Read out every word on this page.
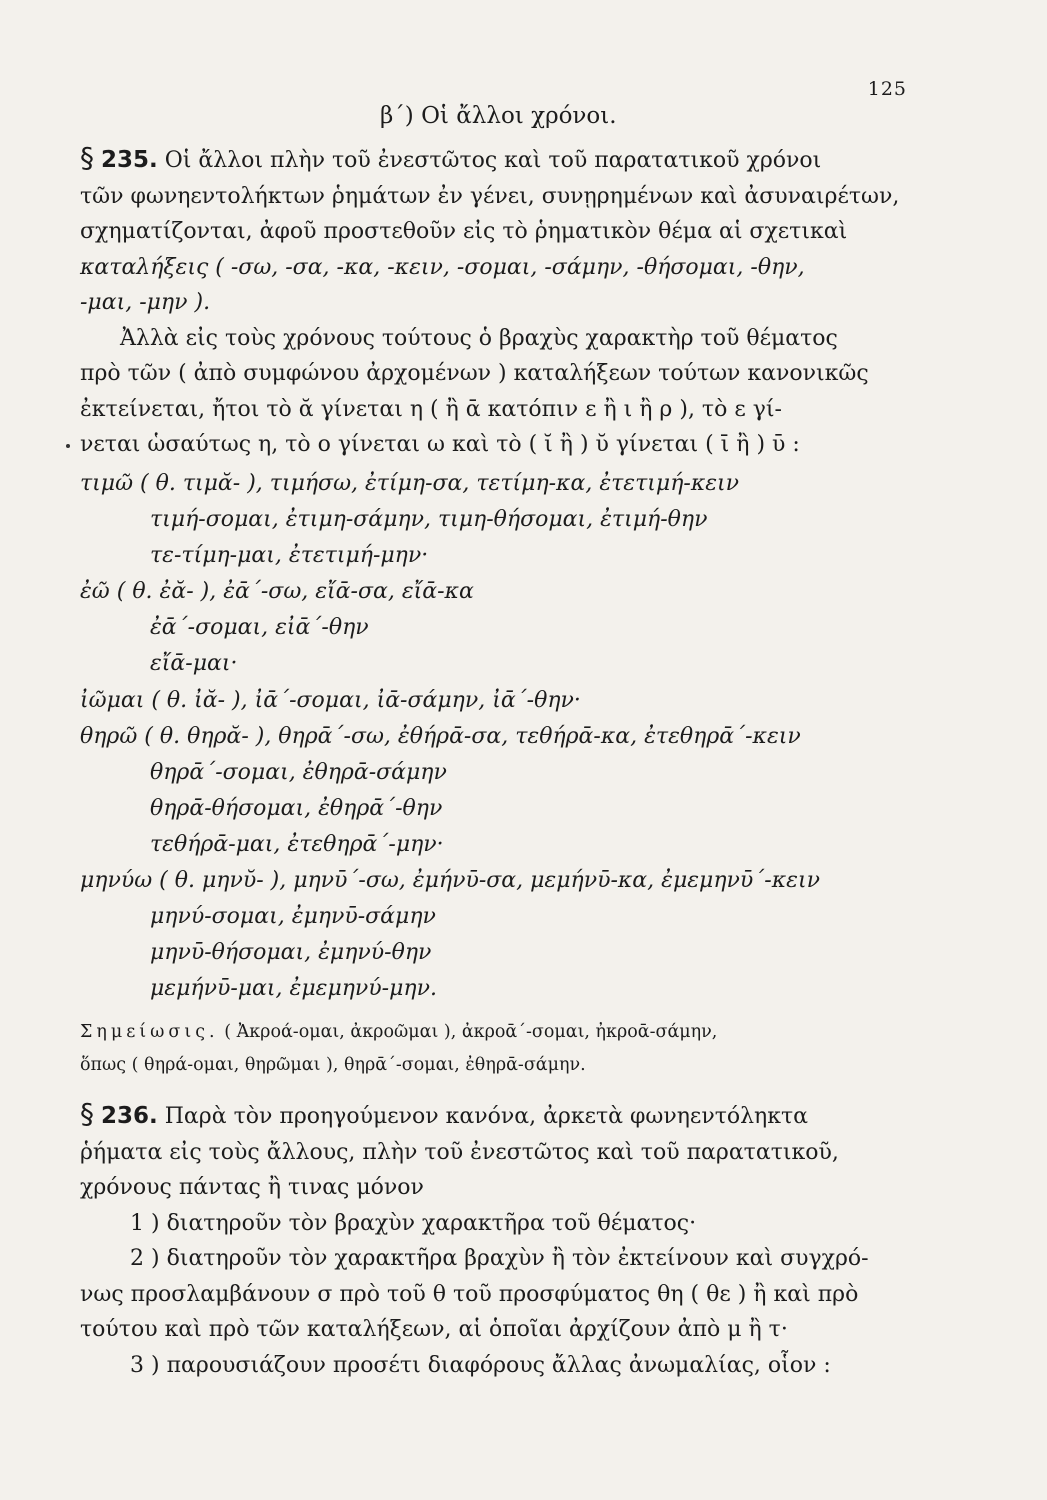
125
β΄) Οἱ ἄλλοι χρόνοι.
§ 235. Οἱ ἄλλοι πλὴν τοῦ ἐνεστῶτος καὶ τοῦ παρατατικοῦ χρόνοι
τῶν φωνηεντολήκτων ῥημάτων ἐν γένει, συνῃρημένων καὶ ἀσυναιρέτων,
σχηματίζονται, ἀφοῦ προστεθοῦν εἰς τὸ ῥηματικὸν θέμα αἱ σχετικαὶ
καταλήξεις ( -σω, -σα, -κα, -κειν, -σομαι, -σάμην, -θήσομαι, -θην,
-μαι, -μην ).
Ἀλλὰ εἰς τοὺς χρόνους τούτους ὁ βραχὺς χαρακτὴρ τοῦ θέματος
πρὸ τῶν ( ἀπὸ συμφώνου ἀρχομένων ) καταλήξεων τούτων κανονικῶς
ἐκτείνεται, ἤτοι τὸ ᾰ γίνεται η ( ἢ ᾱ κατόπιν ε ἢ ι ἢ ρ ), τὸ ε γί-
νεται ὡσαύτως η, τὸ ο γίνεται ω καὶ τὸ ( ῐ ἢ ) ῠ γίνεται ( ῑ ἢ ) ῡ :
τιμῶ ( θ. τιμᾰ- ), τιμήσω, ἐτίμη-σα, τετίμη-κα, ἐτετιμή-κειν
τιμή-σομαι, ἐτιμη-σάμην, τιμη-θήσομαι, ἐτιμή-θην
τε-τίμη-μαι, ἐτετιμή-μην·
ἐῶ ( θ. ἐᾰ- ), ἐᾱ΄-σω, εἴᾱ-σα, εἴᾱ-κα
ἐᾱ΄-σομαι, εἰᾱ΄-θην
εἴᾱ-μαι·
ἰῶμαι ( θ. ἰᾰ- ), ἰᾱ΄-σομαι, ἰᾱ-σάμην, ἰᾱ΄-θην·
θηρῶ ( θ. θηρᾰ- ), θηρᾱ΄-σω, ἐθήρᾱ-σα, τεθήρᾱ-κα, ἐτεθηρᾱ΄-κειν
θηρᾱ΄-σομαι, ἐθηρᾱ-σάμην
θηρᾱ-θήσομαι, ἐθηρᾱ΄-θην
τεθήρᾱ-μαι, ἐτεθηρᾱ΄-μην·
μηνύω ( θ. μηνῠ- ), μηνῡ΄-σω, ἐμήνῡ-σα, μεμήνῡ-κα, ἐμεμηνῡ΄-κειν
μηνύ-σομαι, ἐμηνῡ-σάμην
μηνῡ-θήσομαι, ἐμηνύ-θην
μεμήνῡ-μαι, ἐμεμηνύ-μην.
Σημείωσις. ( Ἀκροά-ομαι, ἀκροῶμαι ), ἀκροᾱ΄-σομαι, ἠκροᾱ-σάμην,
ὅπως ( θηρά-ομαι, θηρῶμαι ), θηρᾱ΄-σομαι, ἐθηρᾱ-σάμην.
§ 236. Παρὰ τὸν προηγούμενον κανόνα, ἀρκετὰ φωνηεντόληκτα
ῥήματα εἰς τοὺς ἄλλους, πλὴν τοῦ ἐνεστῶτος καὶ τοῦ παρατατικοῦ,
χρόνους πάντας ἢ τινας μόνον
1 ) διατηροῦν τὸν βραχὺν χαρακτῆρα τοῦ θέματος·
2 ) διατηροῦν τὸν χαρακτῆρα βραχὺν ἢ τὸν ἐκτείνουν καὶ συγχρό-
νως προσλαμβάνουν σ πρὸ τοῦ θ τοῦ προσφύματος θη ( θε ) ἢ καὶ πρὸ
τούτου καὶ πρὸ τῶν καταλήξεων, αἱ ὁποῖαι ἀρχίζουν ἀπὸ μ ἢ τ·
3 ) παρουσιάζουν προσέτι διαφόρους ἄλλας ἀνωμαλίας, οἷον :
